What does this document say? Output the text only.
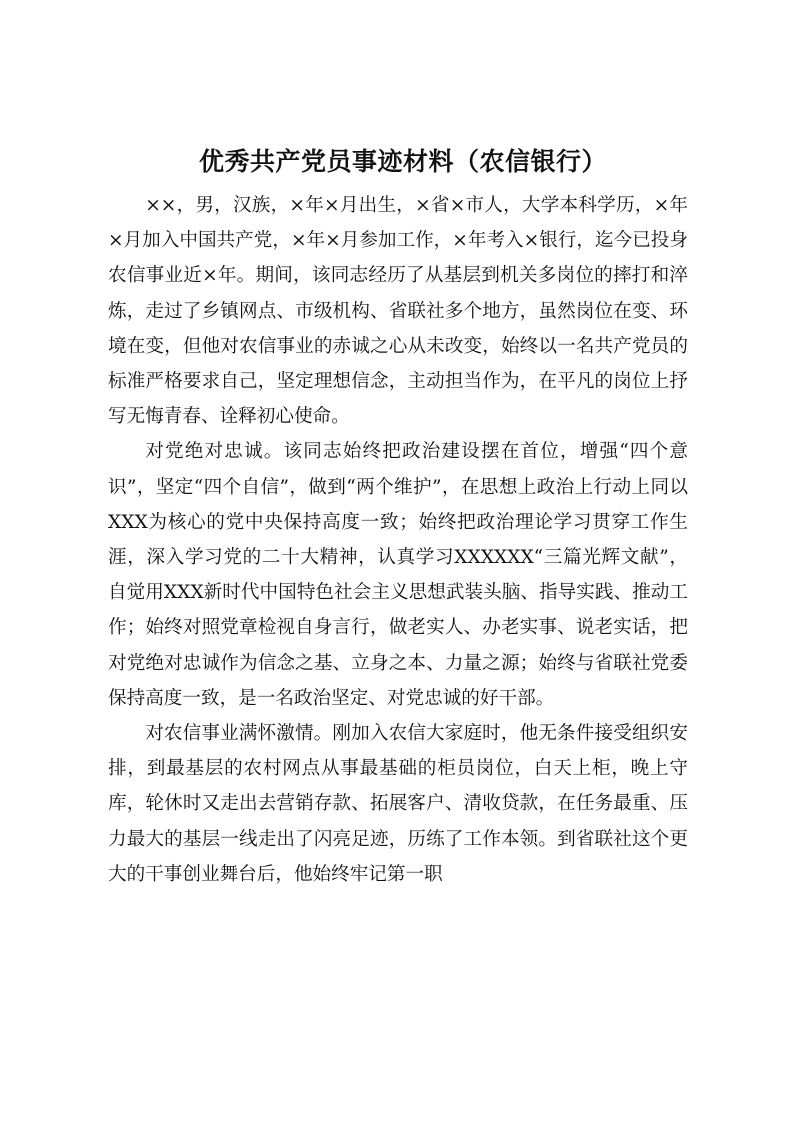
优秀共产党员事迹材料（农信银行）

××，男，汉族，×年×月出生，×省×市人，大学本科学历，×年×月加入中国共产党，×年×月参加工作，×年考入×银行，迄今已投身农信事业近×年。期间，该同志经历了从基层到机关多岗位的摔打和淬炼，走过了乡镇网点、市级机构、省联社多个地方，虽然岗位在变、环境在变，但他对农信事业的赤诚之心从未改变，始终以一名共产党员的标准严格要求自己，坚定理想信念，主动担当作为，在平凡的岗位上抒写无悔青春、诠释初心使命。

对党绝对忠诚。该同志始终把政治建设摆在首位，增强“四个意识”，坚定“四个自信”，做到“两个维护”，在思想上政治上行动上同以XXX为核心的党中央保持高度一致；始终把政治理论学习贯穿工作生涯，深入学习党的二十大精神，认真学习XXXXXX“三篇光辉文献”，自觉用XXX新时代中国特色社会主义思想武装头脑、指导实践、推动工作；始终对照党章检视自身言行，做老实人、办老实事、说老实话，把对党绝对忠诚作为信念之基、立身之本、力量之源；始终与省联社党委保持高度一致，是一名政治坚定、对党忠诚的好干部。

对农信事业满怀激情。刚加入农信大家庭时，他无条件接受组织安排，到最基层的农村网点从事最基础的柜员岗位，白天上柜，晚上守库，轮休时又走出去营销存款、拓展客户、清收贷款，在任务最重、压力最大的基层一线走出了闪亮足迹，历练了工作本领。到省联社这个更大的干事创业舞台后，他始终牢记第一职
